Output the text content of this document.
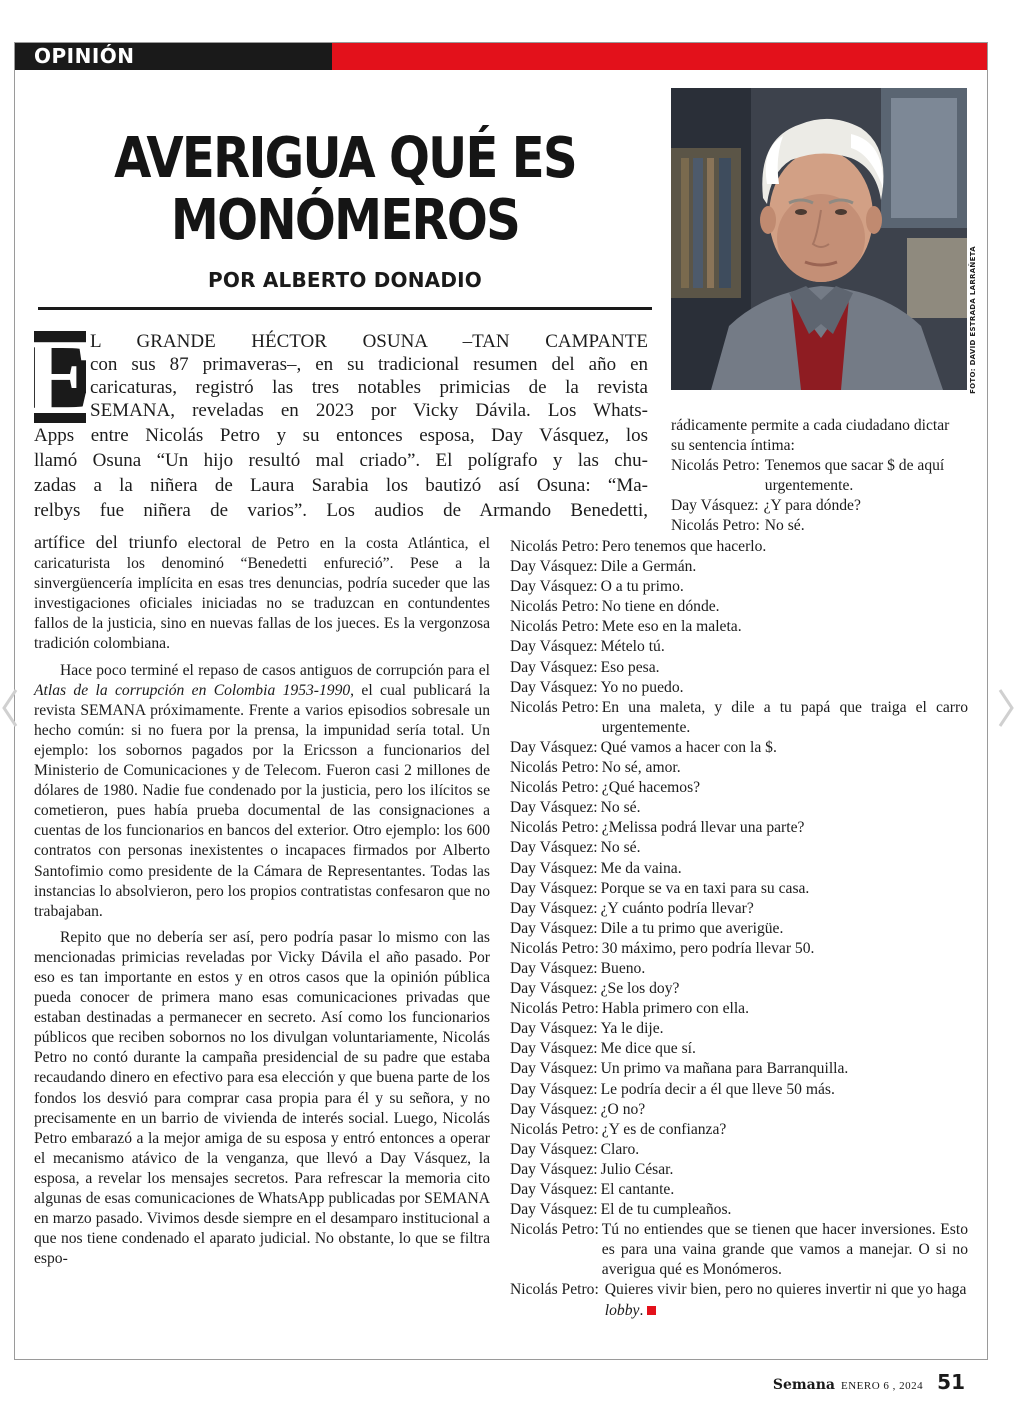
OPINIÓN
AVERIGUA QUÉ ES
MONÓMEROS
POR ALBERTO DONADIO	FOTO: DAVID ESTRADA LARRAÑETA
E
L GRANDE HÉCTOR OSUNA –TAN CAMPANTE
con sus 87 primaveras–, en su tradicional resumen del año en
caricaturas, registró las tres notables primicias de la revista
SEMANA, reveladas en 2023 por Vicky Dávila. Los Whats-
Apps entre Nicolás Petro y su entonces esposa, Day Vásquez, los
llamó Osuna “Un hijo resultó mal criado”. El polígrafo y las chu-
zadas a la niñera de Laura Sarabia los bautizó así Osuna: “Ma-
relbys fue niñera de varios”. Los audios de Armando Benedetti,

artífice del triunfo electoral de Petro en la costa Atlántica, el caricaturista los denominó “Benedetti enfureció”. Pese a la sinvergüencería implícita en esas tres denuncias, podría suceder que las investigaciones oficiales iniciadas no se traduzcan en contundentes fallos de la justicia, sino en nuevas fallas de los jueces. Es la vergonzosa tradición colombiana.

Hace poco terminé el repaso de casos antiguos de corrupción para el Atlas de la corrupción en Colombia 1953-1990, el cual publicará la revista SEMANA próximamente. Frente a varios episodios sobresale un hecho común: si no fuera por la prensa, la impunidad sería total. Un ejemplo: los sobornos pagados por la Ericsson a funcionarios del Ministerio de Comunicaciones y de Telecom. Fueron casi 2 millones de dólares de 1980. Nadie fue condenado por la justicia, pero los ilícitos se cometieron, pues había prueba documental de las consignaciones a cuentas de los funcionarios en bancos del exterior. Otro ejemplo: los 600 contratos con personas inexistentes o incapaces firmados por Alberto Santofimio como presidente de la Cámara de Representantes. Todas las instancias lo absolvieron, pero los propios contratistas confesaron que no trabajaban.

Repito que no debería ser así, pero podría pasar lo mismo con las mencionadas primicias reveladas por Vicky Dávila el año pasado. Por eso es tan importante en estos y en otros casos que la opinión pública pueda conocer de primera mano esas comunicaciones privadas que estaban destinadas a permanecer en secreto. Así como los funcionarios públicos que reciben sobornos no los divulgan voluntariamente, Nicolás Petro no contó durante la campaña presidencial de su padre que estaba recaudando dinero en efectivo para esa elección y que buena parte de los fondos los desvió para comprar casa propia para él y su señora, y no precisamente en un barrio de vivienda de interés social. Luego, Nicolás Petro embarazó a la mejor amiga de su esposa y entró entonces a operar el mecanismo atávico de la venganza, que llevó a Day Vásquez, la esposa, a revelar los mensajes secretos. Para refrescar la memoria cito algunas de esas comunicaciones de WhatsApp publicadas por SEMANA en marzo pasado. Vivimos desde siempre en el desamparo institucional a que nos tiene condenado el aparato judicial. No obstante, lo que se filtra espo-

rádicamente permite a cada ciudadano dictar su sentencia íntima:
Nicolás Petro: Tenemos que sacar $ de aquí urgentemente.
Day Vásquez: ¿Y para dónde?
Nicolás Petro: No sé.
Nicolás Petro: Pero tenemos que hacerlo.
Day Vásquez: Dile a Germán.
Day Vásquez: O a tu primo.
Nicolás Petro: No tiene en dónde.
Nicolás Petro: Mete eso en la maleta.
Day Vásquez: Mételo tú.
Day Vásquez: Eso pesa.
Day Vásquez: Yo no puedo.
Nicolás Petro: En una maleta, y dile a tu papá que traiga el carro urgentemente.
Day Vásquez: Qué vamos a hacer con la $.
Nicolás Petro: No sé, amor.
Nicolás Petro: ¿Qué hacemos?
Day Vásquez: No sé.
Nicolás Petro: ¿Melissa podrá llevar una parte?
Day Vásquez: No sé.
Day Vásquez: Me da vaina.
Day Vásquez: Porque se va en taxi para su casa.
Day Vásquez: ¿Y cuánto podría llevar?
Day Vásquez: Dile a tu primo que averigüe.
Nicolás Petro: 30 máximo, pero podría llevar 50.
Day Vásquez: Bueno.
Day Vásquez: ¿Se los doy?
Nicolás Petro: Habla primero con ella.
Day Vásquez: Ya le dije.
Day Vásquez: Me dice que sí.
Day Vásquez: Un primo va mañana para Barranquilla.
Day Vásquez: Le podría decir a él que lleve 50 más.
Day Vásquez: ¿O no?
Nicolás Petro: ¿Y es de confianza?
Day Vásquez: Claro.
Day Vásquez: Julio César.
Day Vásquez: El cantante.
Day Vásquez: El de tu cumpleaños.
Nicolás Petro: Tú no entiendes que se tienen que hacer inversiones. Esto es para una vaina grande que vamos a manejar. O si no averigua qué es Monómeros.
Nicolás Petro: Quieres vivir bien, pero no quieres invertir ni que yo haga lobby.
Semana ENERO 6 , 2024 51
